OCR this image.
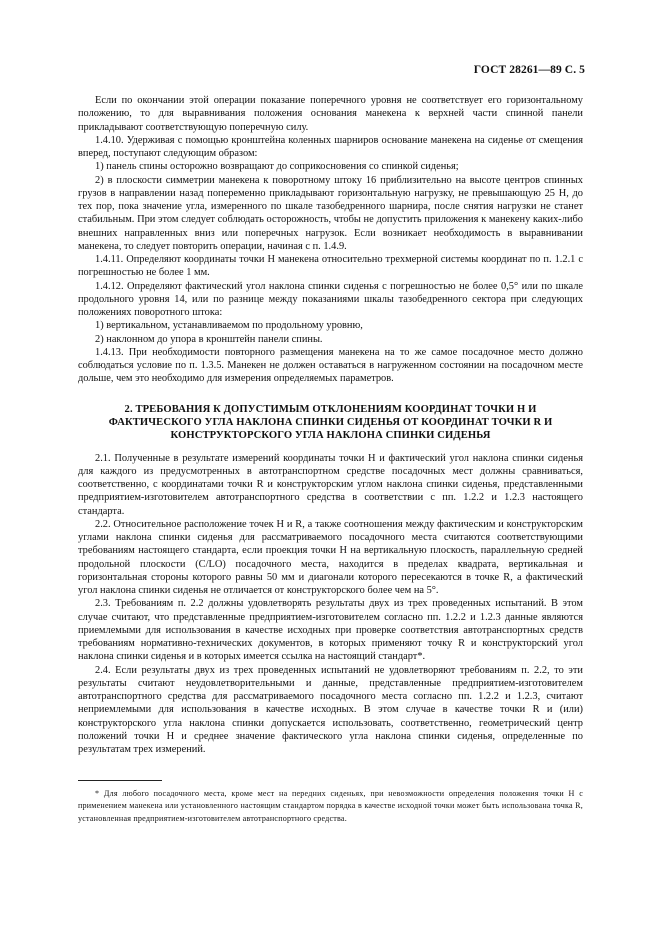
ГОСТ 28261—89 С. 5

Если по окончании этой операции показание поперечного уровня не соответствует его горизонтальному положению, то для выравнивания положения основания манекена к верхней части спинной панели прикладывают соответствующую поперечную силу.

1.4.10. Удерживая с помощью кронштейна коленных шарниров основание манекена на сиденье от смещения вперед, поступают следующим образом:

1) панель спины осторожно возвращают до соприкосновения со спинкой сиденья;

2) в плоскости симметрии манекена к поворотному штоку 16 приблизительно на высоте центров спинных грузов в направлении назад попеременно прикладывают горизонтальную нагрузку, не превышающую 25 Н, до тех пор, пока значение угла, измеренного по шкале тазобедренного шарнира, после снятия нагрузки не станет стабильным. При этом следует соблюдать осторожность, чтобы не допустить приложения к манекену каких-либо внешних направленных вниз или поперечных нагрузок. Если возникает необходимость в выравнивании манекена, то следует повторить операции, начиная с п. 1.4.9.

1.4.11. Определяют координаты точки H манекена относительно трехмерной системы координат по п. 1.2.1 с погрешностью не более 1 мм.

1.4.12. Определяют фактический угол наклона спинки сиденья с погрешностью не более 0,5° или по шкале продольного уровня 14, или по разнице между показаниями шкалы тазобедренного сектора при следующих положениях поворотного штока:

1) вертикальном, устанавливаемом по продольному уровню,

2) наклонном до упора в кронштейн панели спины.

1.4.13. При необходимости повторного размещения манекена на то же самое посадочное место должно соблюдаться условие по п. 1.3.5. Манекен не должен оставаться в нагруженном состоянии на посадочном месте дольше, чем это необходимо для измерения определяемых параметров.

2. ТРЕБОВАНИЯ К ДОПУСТИМЫМ ОТКЛОНЕНИЯМ КООРДИНАТ ТОЧКИ H И ФАКТИЧЕСКОГО УГЛА НАКЛОНА СПИНКИ СИДЕНЬЯ ОТ КООРДИНАТ ТОЧКИ R И КОНСТРУКТОРСКОГО УГЛА НАКЛОНА СПИНКИ СИДЕНЬЯ

2.1. Полученные в результате измерений координаты точки H и фактический угол наклона спинки сиденья для каждого из предусмотренных в автотранспортном средстве посадочных мест должны сравниваться, соответственно, с координатами точки R и конструкторским углом наклона спинки сиденья, представленными предприятием-изготовителем автотранспортного средства в соответствии с пп. 1.2.2 и 1.2.3 настоящего стандарта.

2.2. Относительное расположение точек H и R, а также соотношения между фактическим и конструкторским углами наклона спинки сиденья для рассматриваемого посадочного места считаются соответствующими требованиям настоящего стандарта, если проекция точки H на вертикальную плоскость, параллельную средней продольной плоскости (C/LO) посадочного места, находится в пределах квадрата, вертикальная и горизонтальная стороны которого равны 50 мм и диагонали которого пересекаются в точке R, а фактический угол наклона спинки сиденья не отличается от конструкторского более чем на 5°.

2.3. Требованиям п. 2.2 должны удовлетворять результаты двух из трех проведенных испытаний. В этом случае считают, что представленные предприятием-изготовителем согласно пп. 1.2.2 и 1.2.3 данные являются приемлемыми для использования в качестве исходных при проверке соответствия автотранспортных средств требованиям нормативно-технических документов, в которых применяют точку R и конструкторский угол наклона спинки сиденья и в которых имеется ссылка на настоящий стандарт*.

2.4. Если результаты двух из трех проведенных испытаний не удовлетворяют требованиям п. 2.2, то эти результаты считают неудовлетворительными и данные, представленные предприятием-изготовителем автотранспортного средства для рассматриваемого посадочного места согласно пп. 1.2.2 и 1.2.3, считают неприемлемыми для использования в качестве исходных. В этом случае в качестве точки R и (или) конструкторского угла наклона спинки допускается использовать, соответственно, геометрический центр положений точки H и среднее значение фактического угла наклона спинки сиденья, определенные по результатам трех измерений.

* Для любого посадочного места, кроме мест на передних сиденьях, при невозможности определения положения точки H с применением манекена или установленного настоящим стандартом порядка в качестве исходной точки может быть использована точка R, установленная предприятием-изготовителем автотранспортного средства.
